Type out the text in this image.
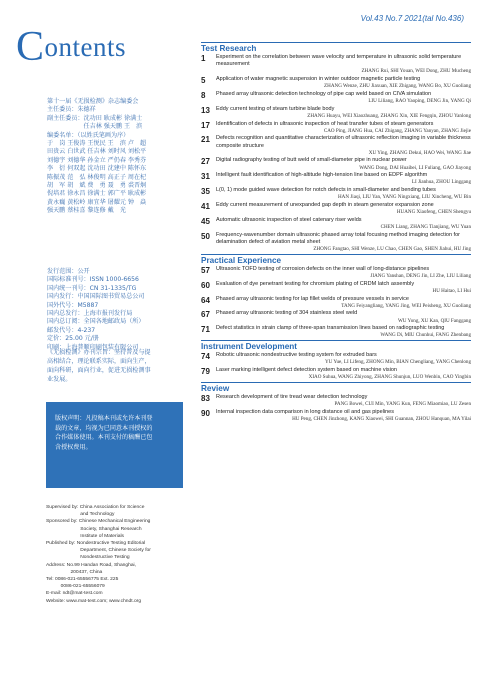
Contents
第十一届《无损检测》杂志编委会
主任委员：朱德祥
副主任委员：沈功田 耿成彬 徐满士
　　　　　　任吉林 强天鹏 王　滨
编委名单：（以姓氏笔画为序）
于　岗 王俊涛 王悦民 王　滨 卢　超
田贵云 白世武 任吉林 刘时风 刘松平
刘德宇 刘德华 孙金立 严仍春 李秀芬
李　衍 何双起 沈功田 沈建中 陈怀东
陈振茂 范　弘 林俊明 高正子 周在杞
胡　军 胡　斌 费　勇 聂　勇 裘晋炯
倪培君 徐永昌 徐满士 郭广平 耿成彬
黄永巍 黄松岭 康宜华 屠耀元 钟　焱
强天鹏 蔡桂喜 黎连修 戴　光
发行范围：公开
国际标准刊号：ISSN 1000-6656
国内统一刊号：CN 31-1335/TG
国内发行：中国国际图书贸易总公司
国外代号：M5887
国内总发行：上海市报刊发行局
国内总订阅：全国各地邮政局（所）
邮发代号：4-237
定价：25.00 元/册
印刷：上海普顺印刷包装有限公司
《无损检测》办刊宗旨：坚持普及与提
高相结合，理论联系实际，面向生产，
面向科研，面向行业，促进无损检测事
业发展。
版权声明：凡投稿本刊或允许本刊登
载的文章，均视为已同意本刊授权的
合作媒体使用。本刊支付的稿酬已包
含授权费用。
Supervised by: China Association for Science
　　　　　　　and Technology
Sponsored by: Chinese Mechanical Engineering
　　　　　　　Society, Shanghai Research
　　　　　　　Institute of Materials
Published by: Nondestructive Testing Editorial
　　　　　　　Department, Chinese Society for
　　　　　　　Nondestructive Testing
Address: No.99 Handan Road, Shanghai,
　　　　　200437, China
Tel: 0086-021-65556775 Ext. 225
　　　0086-021-65556079
E-mail: ndt@mat-test.com
Website: www.mat-test.com; www.chndt.org
Vol.43 No.7 2021(tal No.436)
Test Research
1	Experiment on the correlation between wave velocity and temperature in ultrasonic solid temperature measurement
ZHANG Rui, SHI Youan, WEI Dong, ZHU Mucheng
5	Application of water magnetic suspension in winter outdoor magnetic particle testing
ZHANG Wenze, ZHU Jiaxuan, XIE Zhigang, WANG Bo, XU Guoliang
8	Phased array ultrasonic detection technology of pipe cap weld based on CIVA simulation
LIU Liliang, RAO Yaoping, DENG Jin, YANG Qi
13	Eddy current testing of steam turbine blade body
ZHANG Huayu, WEI Xiaozhuang, ZHANG Xin, XIE Fengqin, ZHOU Yanlong
17	Identification of defects in ultrasonic inspection of heat transfer tubes of steam generators
CAO Ping, JIANG Hua, CAI Zhigang, ZHANG Yanyan, ZHANG Jiejie
21	Defects recognition and quantitative characterization of ultrasonic reflection imaging in variable thickness composite structure
XU Ying, ZHANG Dekui, HAO Wei, WANG Jiae
27	Digital radiography testing of butt weld of small-diameter pipe in nuclear power
WANG Dong, DAI Huaibei, LI Fuliang, GAO Jiayong
31	Intelligent fault identification of high-altitude high-tension line based on EDPF algorithm
LI Jianhua, ZHOU Linggang
35	L(0, 1) mode guided wave detection for notch defects in small-diameter and bending tubes
HAN Jiaqi, LIU Yan, YANG Ningxiang, LIU Xincheng, WU Bin
41	Eddy current measurement of unexpanded gap depth in steam generator expansion zone
HUANG Xiaofeng, CHEN Shengyu
45	Automatic ultrasonic inspection of steel catenary riser welds
CHEN Liang, ZHANG Tianjiang, WU Yuan
50	Frequency-wavenumber domain ultrasonic phased array total focusing method imaging detection for delamination defect of aviation metal sheet
ZHONG Fangtao, SHI Wenze, LU Chao, CHEN Gao, SHEN Jiahui, HU Jing
Practical Experience
57	Ultrasonic TOFD testing of corrosion defects on the inner wall of long-distance pipelines
JIANG Yanshan, DENG Jin, LI Zhe, LIU Liliang
60	Evaluation of dye penetrant testing for chromium plating of CRDM latch assembly
HU Haitao, LI Hui
64	Phased array ultrasonic testing for lap fillet welds of pressure vessels in service
TANG Feiyangliang, YANG Jing, WEI Peisheng, XU Guoliang
67	Phased array ultrasonic testing of 304 stainless steel weld
WU Yong, XU Kan, QIU Fanggang
71	Defect statistics in strain clamp of three-span transmission lines based on radiographic testing
WANG Di, MIU Chunhui, FANG Zhenbang
Instrument Development
74	Robotic ultrasonic nondestructive testing system for extruded bars
YU Yue, LI Lifeng, ZHONG Min, BIAN Chengliang, YANG Chenlong
79	Laser marking intelligent defect detection system based on machine vision
XIAO Suhua, WANG Zhiyong, ZHANG Shunjun, LUO Wenbin, CAO Yingbin
Review
83	Research development of tire tread wear detection technology
PANG Bowei, CUI Min, YANG Kun, FENG Miaomiao, LU Zesen
90	Internal inspection data comparison in long distance oil and gas pipelines
HU Peng, CHEN Jinzhong, KANG Xiaowei, SHI Guannan, ZHOU Hanquan, MA Yilai
